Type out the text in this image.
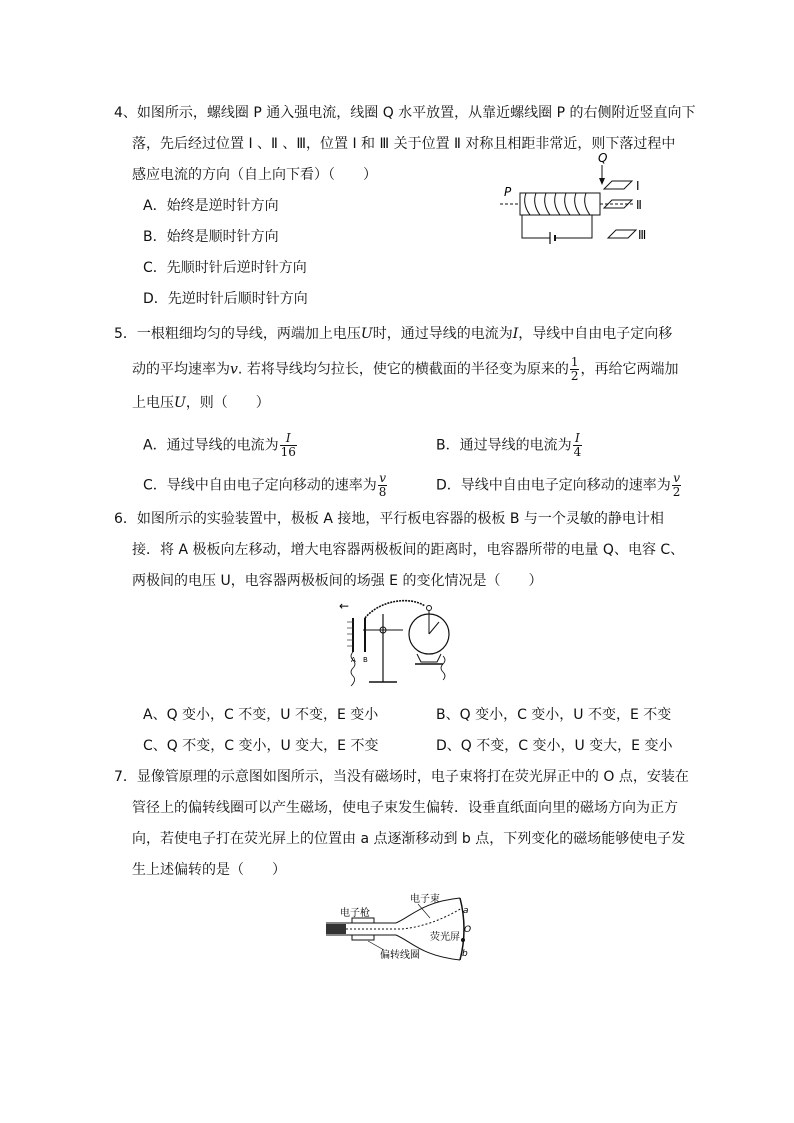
4、如图所示，螺线圈 P 通入强电流，线圈 Q 水平放置，从靠近螺线圈 P 的右侧附近竖直向下
落，先后经过位置 Ⅰ 、Ⅱ 、Ⅲ，位置 Ⅰ 和 Ⅲ 关于位置 Ⅱ 对称且相距非常近，则下落过程中
感应电流的方向（自上向下看）（　　）
A．始终是逆时针方向
B．始终是顺时针方向
C．先顺时针后逆时针方向
D．先逆时针后顺时针方向
Q
P	Ⅰ
Ⅱ
Ⅲ
5．一根粗细均匀的导线，两端加上电压U时，通过导线的电流为I，导线中自由电子定向移
动的平均速率为v. 若将导线均匀拉长，使它的横截面的半径变为原来的 $\frac{1}{2}$ ，再给它两端加
上电压U，则（　　）
A．通过导线的电流为 $\frac{I}{16}$	B．通过导线的电流为 $\frac{I}{4}$
C．导线中自由电子定向移动的速率为 $\frac{v}{8}$	D．导线中自由电子定向移动的速率为 $\frac{v}{2}$
6．如图所示的实验装置中，极板 A 接地，平行板电容器的极板 B 与一个灵敏的静电计相
接．将 A 极板向左移动，增大电容器两极板间的距离时，电容器所带的电量 Q、电容 C、
两极间的电压 U，电容器两极板间的场强 E 的变化情况是（　　）
←
A B
A、Q 变小，C 不变，U 不变，E 变小	B、Q 变小，C 变小，U 不变，E 不变
C、Q 不变，C 变小，U 变大，E 不变	D、Q 不变，C 变小，U 变大，E 变小
7．显像管原理的示意图如图所示，当没有磁场时，电子束将打在荧光屏正中的 O 点，安装在
管径上的偏转线圈可以产生磁场，使电子束发生偏转．设垂直纸面向里的磁场方向为正方
向，若使电子打在荧光屏上的位置由 a 点逐渐移动到 b 点，下列变化的磁场能够使电子发
生上述偏转的是（　　）
电子枪
电子束
荧光屏
偏转线圈
a
O
b
